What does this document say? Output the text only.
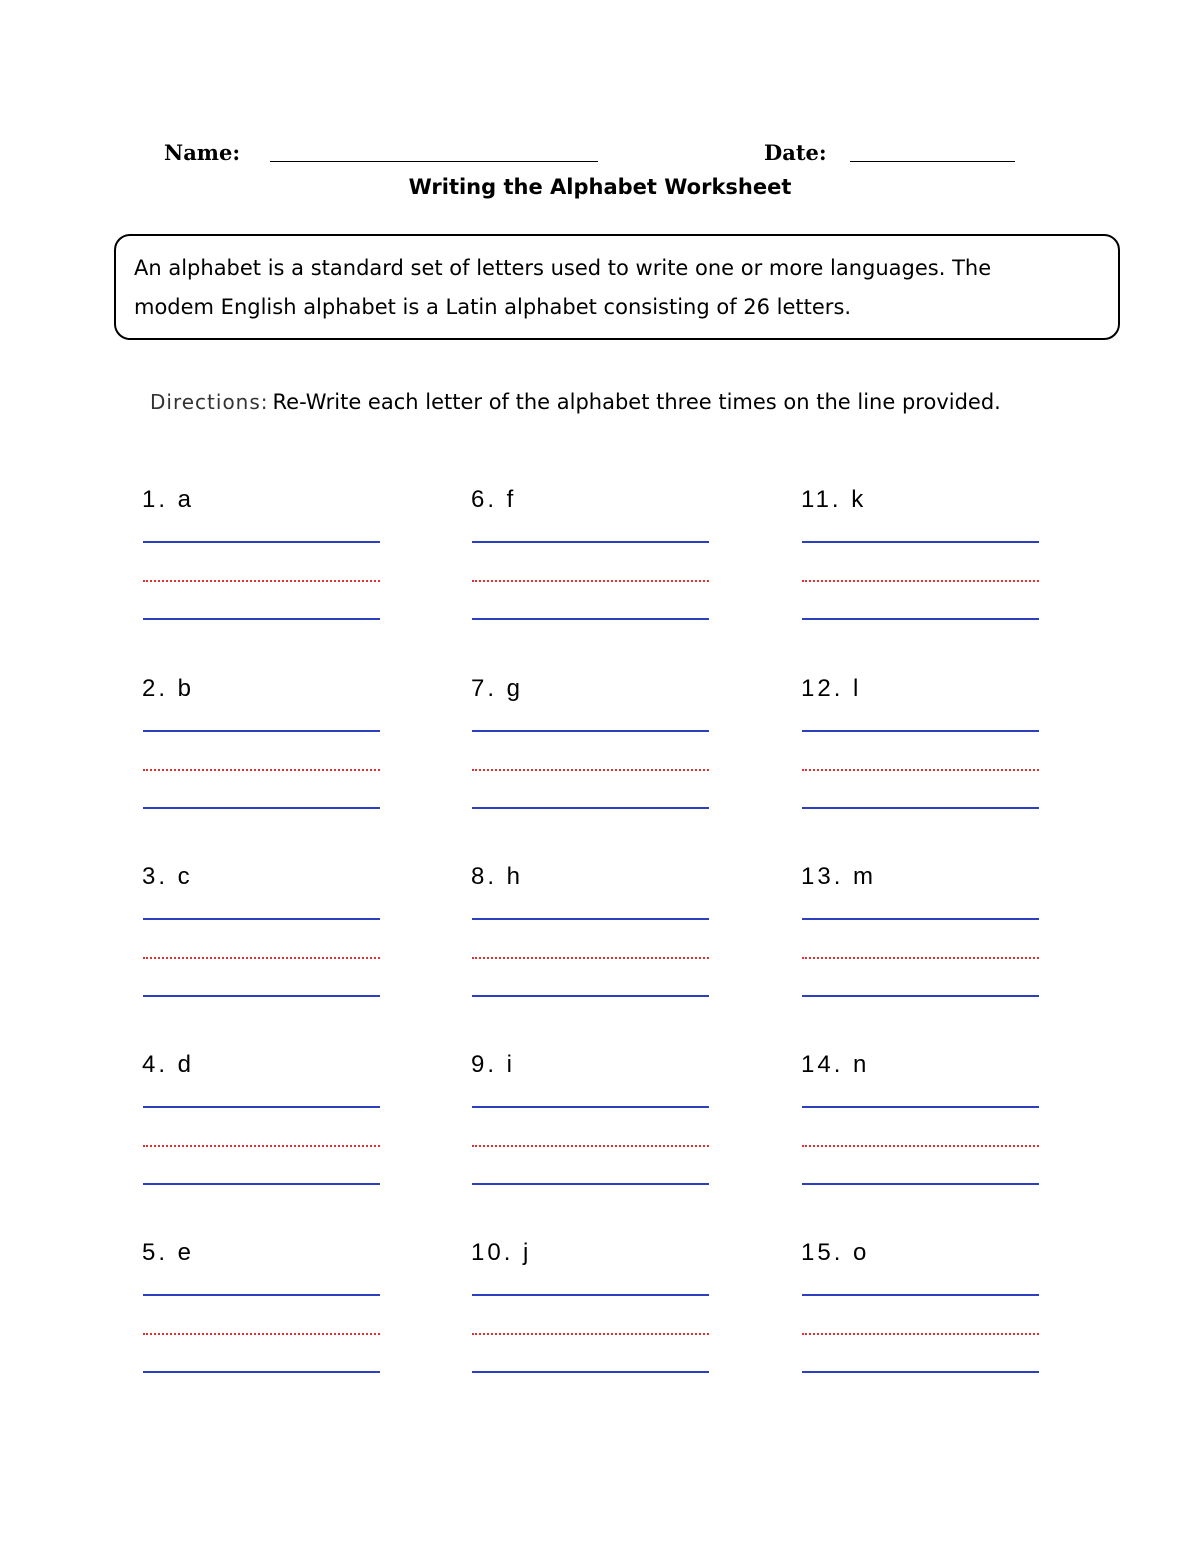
Name:	Date:
Writing the Alphabet Worksheet
An alphabet is a standard set of letters used to write one or more languages. The
modem English alphabet is a Latin alphabet consisting of 26 letters.
Directions: Re-Write each letter of the alphabet three times on the line provided.
1. a
2. b
3. c
4. d
5. e
6. f
7. g
8. h
9. i
10. j
11. k
12. l
13. m
14. n
15. o
